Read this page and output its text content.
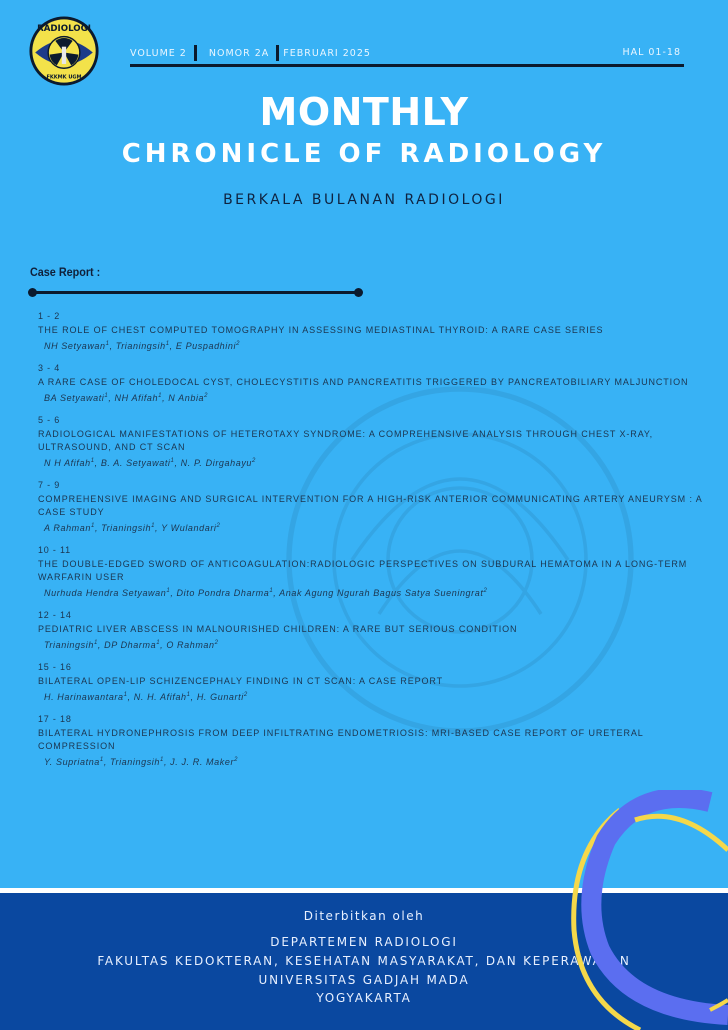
RADIOLOGI
FKKMK UGM
VOLUME 2	NOMOR 2A	FEBRUARI 2025	HAL 01-18
MONTHLY
CHRONICLE OF RADIOLOGY
BERKALA BULANAN RADIOLOGI
Case Report :
1 - 2
THE ROLE OF CHEST COMPUTED TOMOGRAPHY IN ASSESSING MEDIASTINAL THYROID: A RARE CASE SERIES
NH Setyawan$^1$, Trianingsih$^1$, E Puspadhini$^2$
3 - 4
A RARE CASE OF CHOLEDOCAL CYST, CHOLECYSTITIS AND PANCREATITIS TRIGGERED BY PANCREATOBILIARY MALJUNCTION
BA Setyawati$^1$, NH Afifah$^1$, N Anbia$^2$
5 - 6
RADIOLOGICAL MANIFESTATIONS OF HETEROTAXY SYNDROME: A COMPREHENSIVE ANALYSIS THROUGH CHEST X-RAY, ULTRASOUND, AND CT SCAN
N H Afifah$^1$, B. A. Setyawati$^1$, N. P. Dirgahayu$^2$
7 - 9
COMPREHENSIVE IMAGING AND SURGICAL INTERVENTION FOR A HIGH-RISK ANTERIOR COMMUNICATING ARTERY ANEURYSM : A CASE STUDY
A Rahman$^1$, Trianingsih$^1$, Y Wulandari$^2$
10 - 11
THE DOUBLE-EDGED SWORD OF ANTICOAGULATION:RADIOLOGIC PERSPECTIVES ON SUBDURAL HEMATOMA IN A LONG-TERM WARFARIN USER
Nurhuda Hendra Setyawan$^1$, Dito Pondra Dharma$^1$, Anak Agung Ngurah Bagus Satya Sueningrat$^2$
12 - 14
PEDIATRIC LIVER ABSCESS IN MALNOURISHED CHILDREN: A RARE BUT SERIOUS CONDITION
Trianingsih$^1$, DP Dharma$^1$, O Rahman$^2$
15 - 16
BILATERAL OPEN-LIP SCHIZENCEPHALY FINDING IN CT SCAN: A CASE REPORT
H. Harinawantara$^1$, N. H. Afifah$^1$, H. Gunarti$^2$
17 - 18
BILATERAL HYDRONEPHROSIS FROM DEEP INFILTRATING ENDOMETRIOSIS: MRI-BASED CASE REPORT OF URETERAL COMPRESSION
Y. Supriatna$^1$, Trianingsih$^1$, J. J. R. Maker$^2$
Diterbitkan oleh
DEPARTEMEN RADIOLOGI
FAKULTAS KEDOKTERAN, KESEHATAN MASYARAKAT, DAN KEPERAWATAN
UNIVERSITAS GADJAH MADA
YOGYAKARTA
